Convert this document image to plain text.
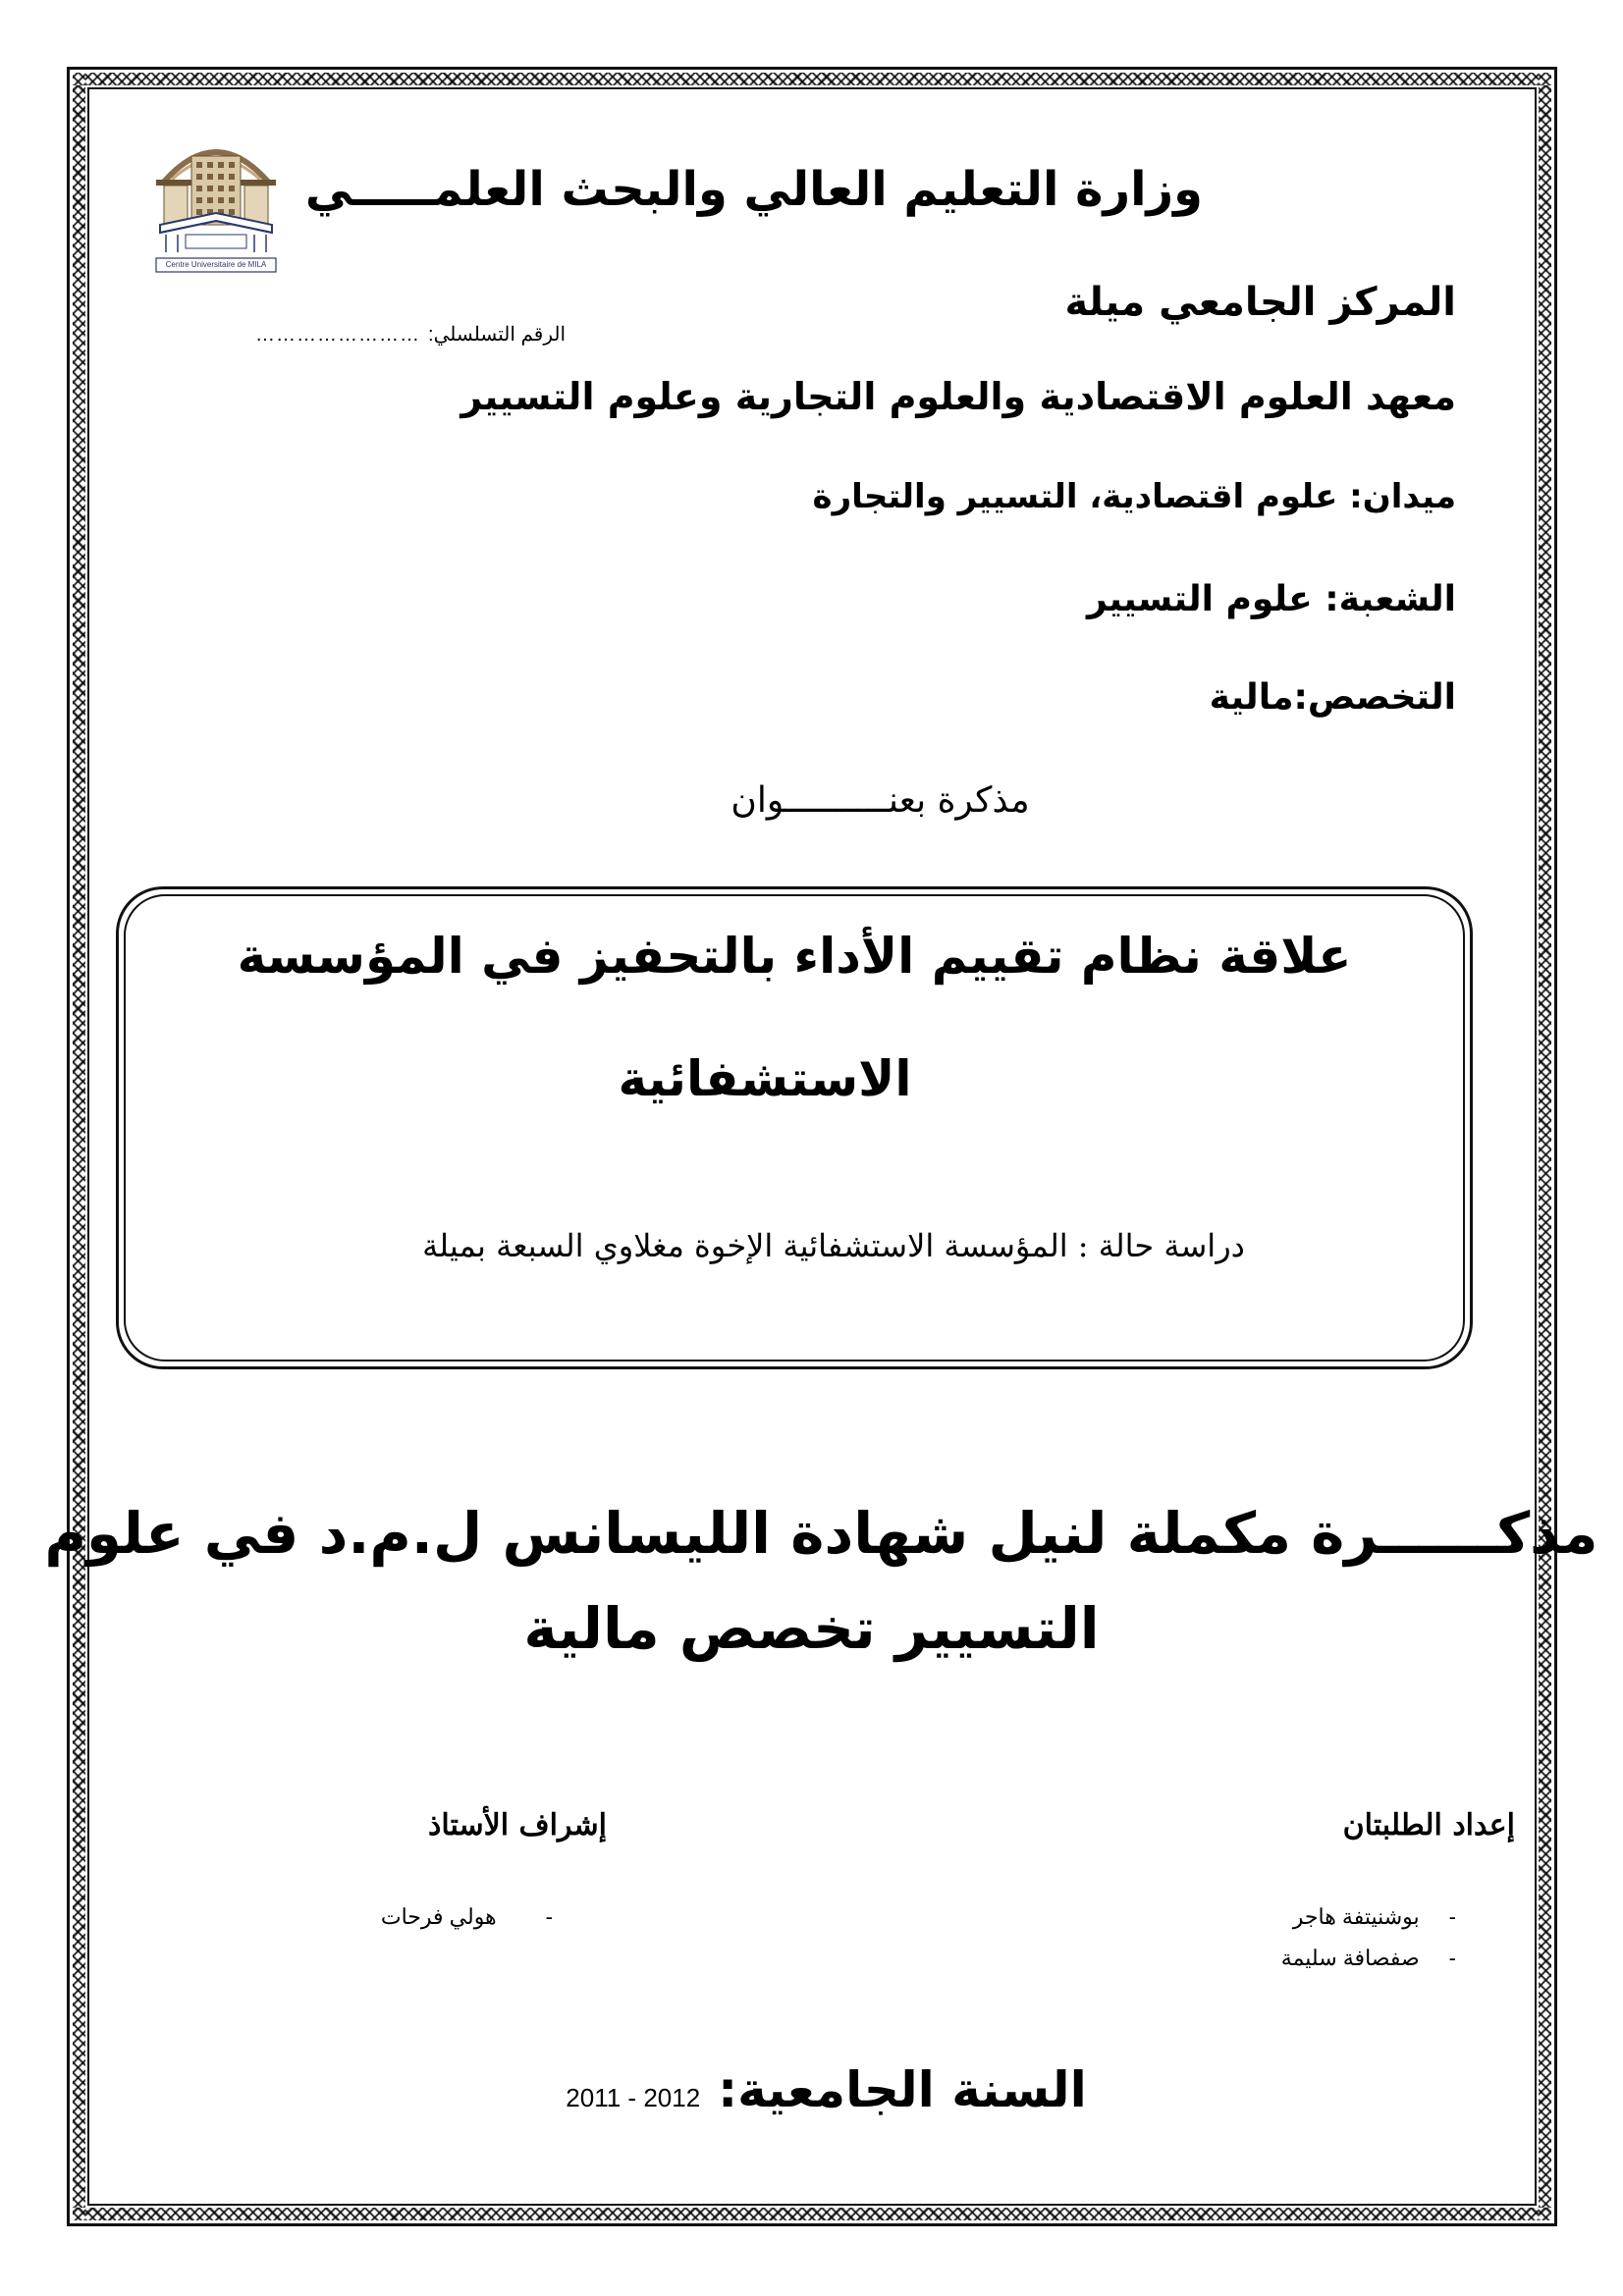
Centre Universitaire de MILA
وزارة التعليم العالي والبحث العلمـــــي
المركز الجامعي ميلة
الرقم التسلسلي:
……………………
معهد العلوم الاقتصادية والعلوم التجارية وعلوم التسيير
ميدان: علوم اقتصادية، التسيير والتجارة
الشعبة: علوم التسيير
التخصص:مالية
مذكرة بعنــــــــــوان
علاقة نظام تقييم الأداء بالتحفيز في المؤسسة
الاستشفائية
دراسة حالة : المؤسسة الاستشفائية الإخوة مغلاوي السبعة بميلة
مذكــــــرة مكملة لنيل شهادة الليسانس ل.م.د في علوم
التسيير تخصص مالية
إعداد الطلبتان
إشراف الأستاذ
-
بوشنيتفة هاجر
-
صفصافة سليمة
-
هولي فرحات
السنة الجامعية:
2011 - 2012
